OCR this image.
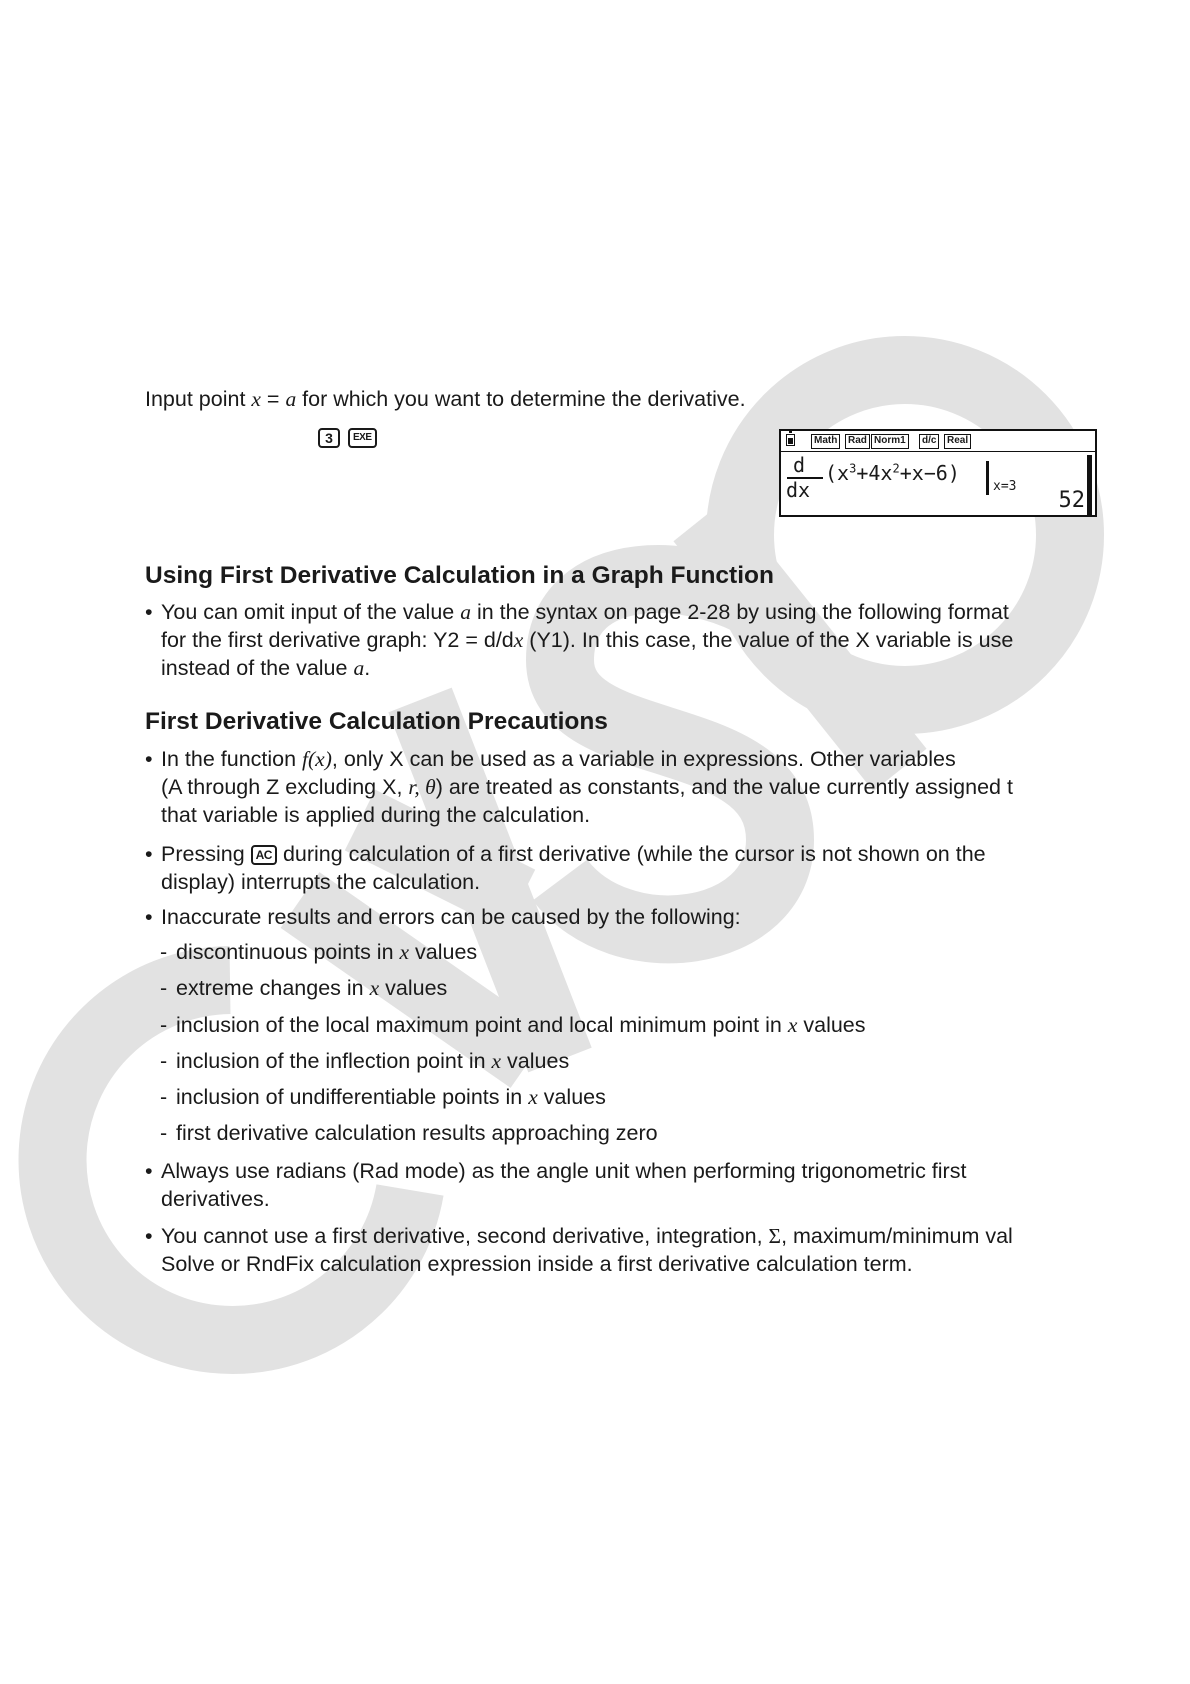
Input point x = a for which you want to determine the derivative.
3	EXE	Math	Rad Norm1	d/c	Real
d
dx
$(x^3+4x^2+x-6)$
x=3
52
Using First Derivative Calculation in a Graph Function
• You can omit input of the value a in the syntax on page 2-28 by using the following format
for the first derivative graph: Y2 = d/dx (Y1). In this case, the value of the X variable is use
instead of the value a.
First Derivative Calculation Precautions
• In the function f(x), only X can be used as a variable in expressions. Other variables
(A through Z excluding X, r, θ) are treated as constants, and the value currently assigned t
that variable is applied during the calculation.
• Pressing AC during calculation of a first derivative (while the cursor is not shown on the
display) interrupts the calculation.
• Inaccurate results and errors can be caused by the following:
- discontinuous points in x values
- extreme changes in x values
- inclusion of the local maximum point and local minimum point in x values
- inclusion of the inflection point in x values
- inclusion of undifferentiable points in x values
- first derivative calculation results approaching zero
• Always use radians (Rad mode) as the angle unit when performing trigonometric first
derivatives.
• You cannot use a first derivative, second derivative, integration, Σ, maximum/minimum val
Solve or RndFix calculation expression inside a first derivative calculation term.
